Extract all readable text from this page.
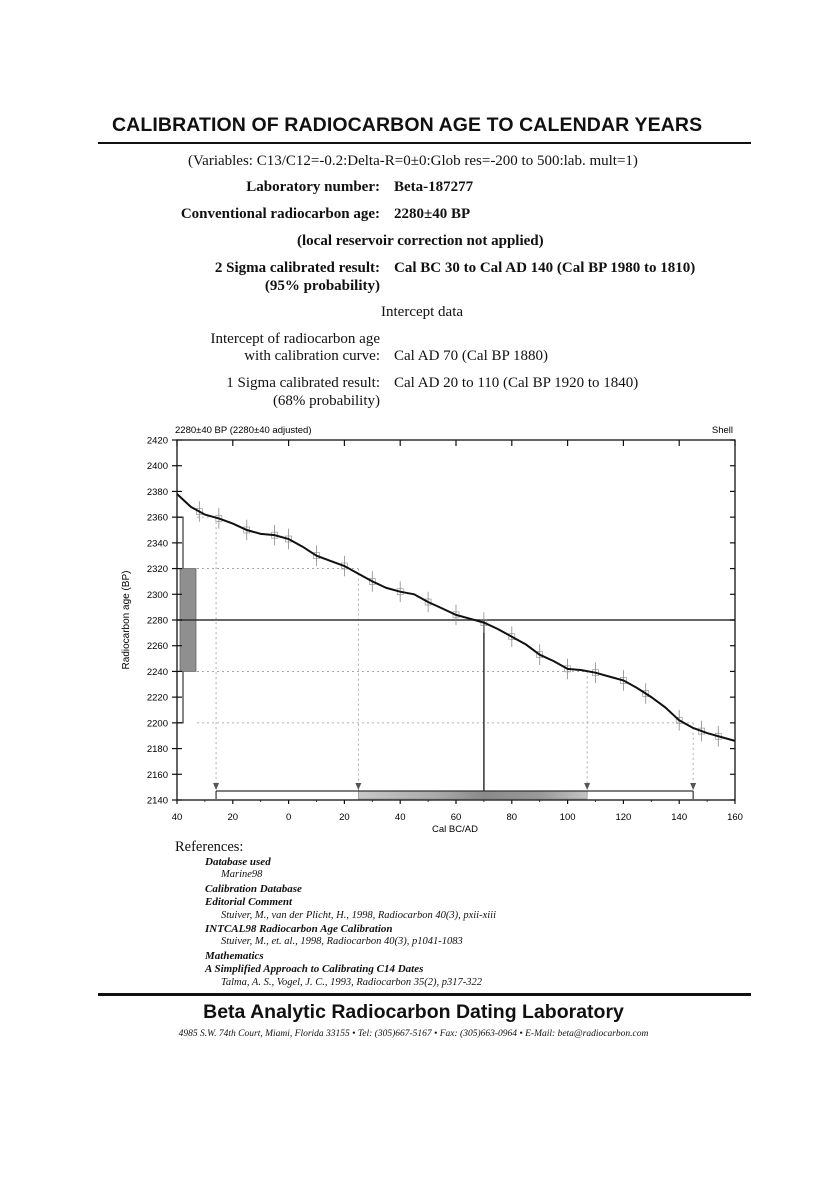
CALIBRATION OF RADIOCARBON AGE TO CALENDAR YEARS
(Variables: C13/C12=-0.2:Delta-R=0±0:Glob res=-200 to 500:lab. mult=1)
Laboratory number: Beta-187277
Conventional radiocarbon age: 2280±40 BP
(local reservoir correction not applied)
2 Sigma calibrated result: Cal BC 30 to Cal AD 140 (Cal BP 1980 to 1810)
(95% probability)
Intercept data
Intercept of radiocarbon age
with calibration curve: Cal AD 70 (Cal BP 1880)
1 Sigma calibrated result: Cal AD 20 to 110 (Cal BP 1920 to 1840)
(68% probability)
2280±40 BP (2280±40 adjusted)	Shell
Cal BC/AD
Radiocarbon age (BP)
2140
2160
2180
2200
2220
2240
2260
2280
2300
2320
2340
2360
2380
2400
2420
40	20	0	20	40	60	80	100	120	140	160
References:
Database used
Marine98
Calibration Database
Editorial Comment
Stuiver, M., van der Plicht, H., 1998, Radiocarbon 40(3), pxii-xiii
INTCAL98 Radiocarbon Age Calibration
Stuiver, M., et. al., 1998, Radiocarbon 40(3), p1041-1083
Mathematics
A Simplified Approach to Calibrating C14 Dates
Talma, A. S., Vogel, J. C., 1993, Radiocarbon 35(2), p317-322
Beta Analytic Radiocarbon Dating Laboratory
4985 S.W. 74th Court, Miami, Florida 33155 • Tel: (305)667-5167 • Fax: (305)663-0964 • E-Mail: beta@radiocarbon.com
